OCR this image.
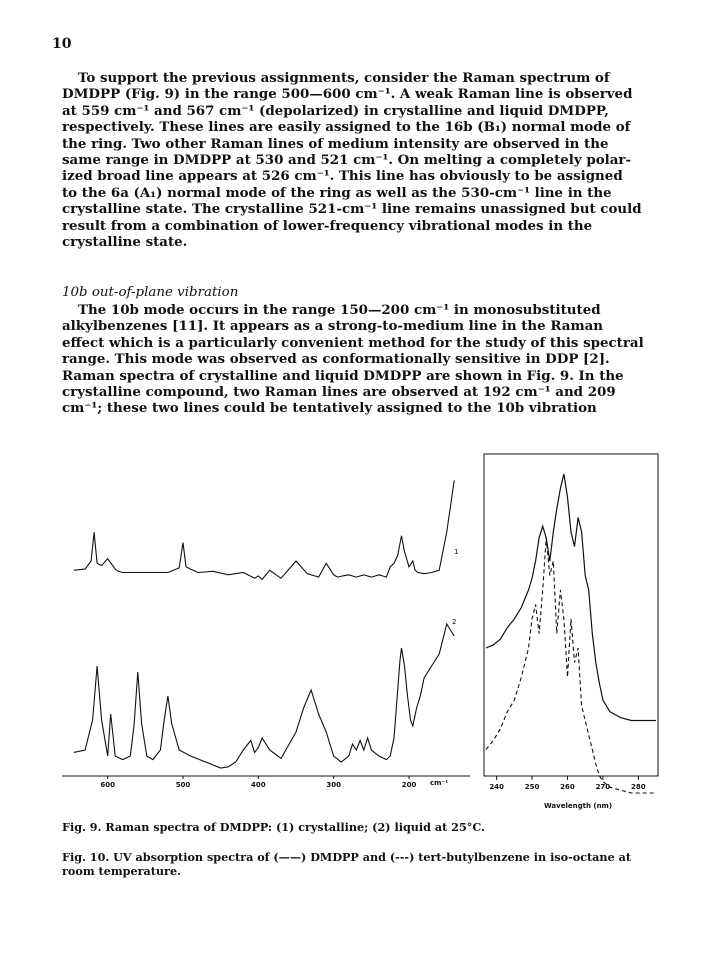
10
To support the previous assignments, consider the Raman spectrum of
DMDPP (Fig. 9) in the range 500—600 cm⁻¹. A weak Raman line is observed
at 559 cm⁻¹ and 567 cm⁻¹ (depolarized) in crystalline and liquid DMDPP,
respectively. These lines are easily assigned to the 16b (B₁) normal mode of
the ring. Two other Raman lines of medium intensity are observed in the
same range in DMDPP at 530 and 521 cm⁻¹. On melting a completely polar-
ized broad line appears at 526 cm⁻¹. This line has obviously to be assigned
to the 6a (A₁) normal mode of the ring as well as the 530-cm⁻¹ line in the
crystalline state. The crystalline 521-cm⁻¹ line remains unassigned but could
result from a combination of lower-frequency vibrational modes in the
crystalline state.
10b out-of-plane vibration
The 10b mode occurs in the range 150—200 cm⁻¹ in monosubstituted
alkylbenzenes [11]. It appears as a strong-to-medium line in the Raman
effect which is a particularly convenient method for the study of this spectral
range. This mode was observed as conformationally sensitive in DDP [2].
Raman spectra of crystalline and liquid DMDPP are shown in Fig. 9. In the
crystalline compound, two Raman lines are observed at 192 cm⁻¹ and 209
cm⁻¹; these two lines could be tentatively assigned to the 10b vibration
600	500	400	300	200 cm⁻¹
1
2
240	250	260	270	280
Wavelength (nm)
Fig. 9. Raman spectra of DMDPP: (1) crystalline; (2) liquid at 25°C.
Fig. 10. UV absorption spectra of (——) DMDPP and (---) tert-butylbenzene in iso-octane at room temperature.
